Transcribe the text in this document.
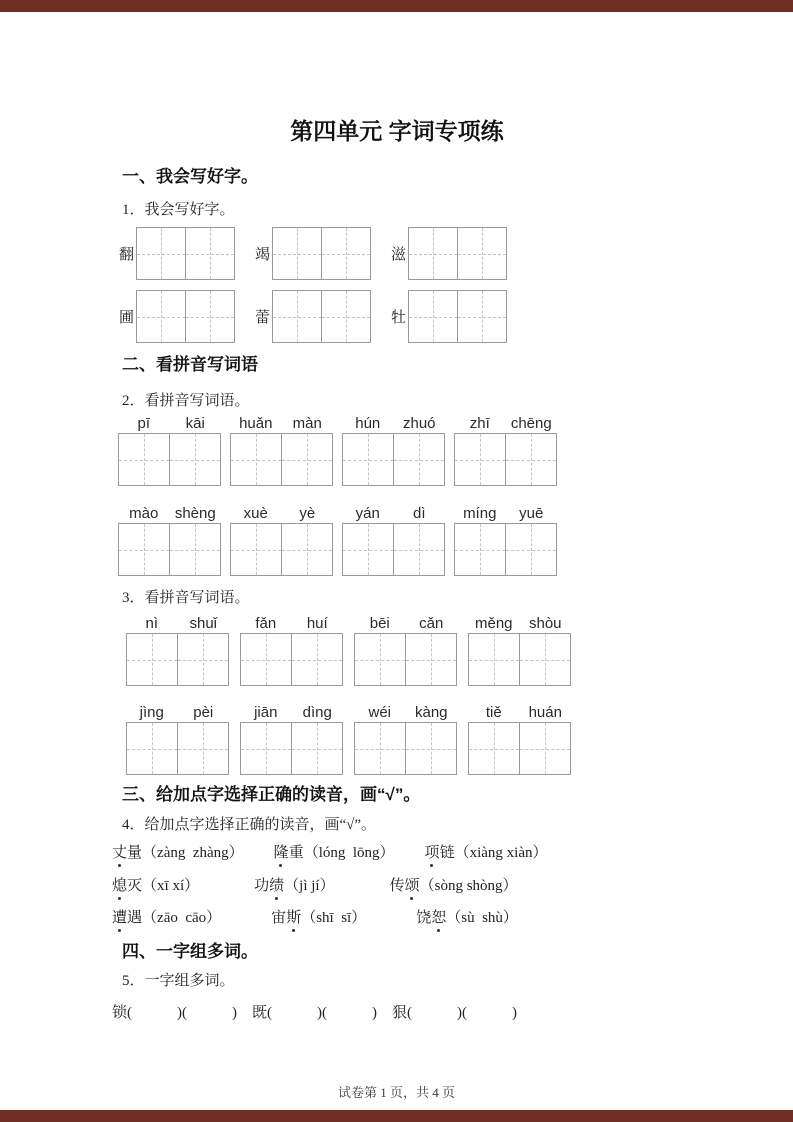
第四单元 字词专项练
一、我会写好字。
1．我会写好字。
翻	竭	滋
圃	蕾	牡
二、看拼音写词语
2．看拼音写词语。
pī	kāi	huǎn	màn	hún	zhuó	zhī	chēng
mào	shèng	xuè	yè	yán	dì	míng	yuē
3．看拼音写词语。
nì	shuǐ	fǎn	huí	bēi	cǎn	měng	shòu
jìng	pèi	jiān	dìng	wéi	kàng	tiě	huán
三、给加点字选择正确的读音，画“√”。
4．给加点字选择正确的读音，画“√”。
丈量（zàng  zhàng） 隆重（lóng  lōng） 项链（xiàng xiàn）
熄灭（xī xí）	功绩（jì jí）	传颂（sòng shòng）
遭遇（zāo  cāo）	宙斯（shī  sī）	饶恕（sù  shù）
四、一字组多词。
5．一字组多词。
锁(　　　)(　　　)　既(　　　)(　　　)　狠(　　　)(　　　)
试卷第 1 页，共 4 页
